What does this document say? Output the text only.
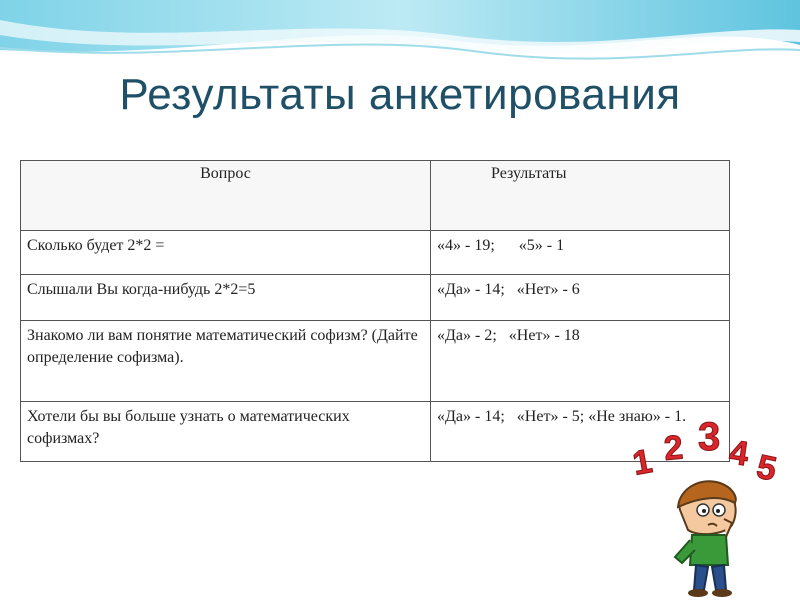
Результаты анкетирования
Вопрос	Результаты
Сколько будет 2*2 =	«4» - 19;      «5» - 1
Слышали Вы когда-нибудь 2*2=5	«Да» - 14;   «Нет» - 6
Знакомо ли вам понятие математический софизм? (Дайте определение софизма).	«Да» - 2;   «Нет» - 18
Хотели бы вы больше узнать о математических софизмах?	«Да» - 14;   «Нет» - 5; «Не знаю» - 1.
1 2 3 4 5
